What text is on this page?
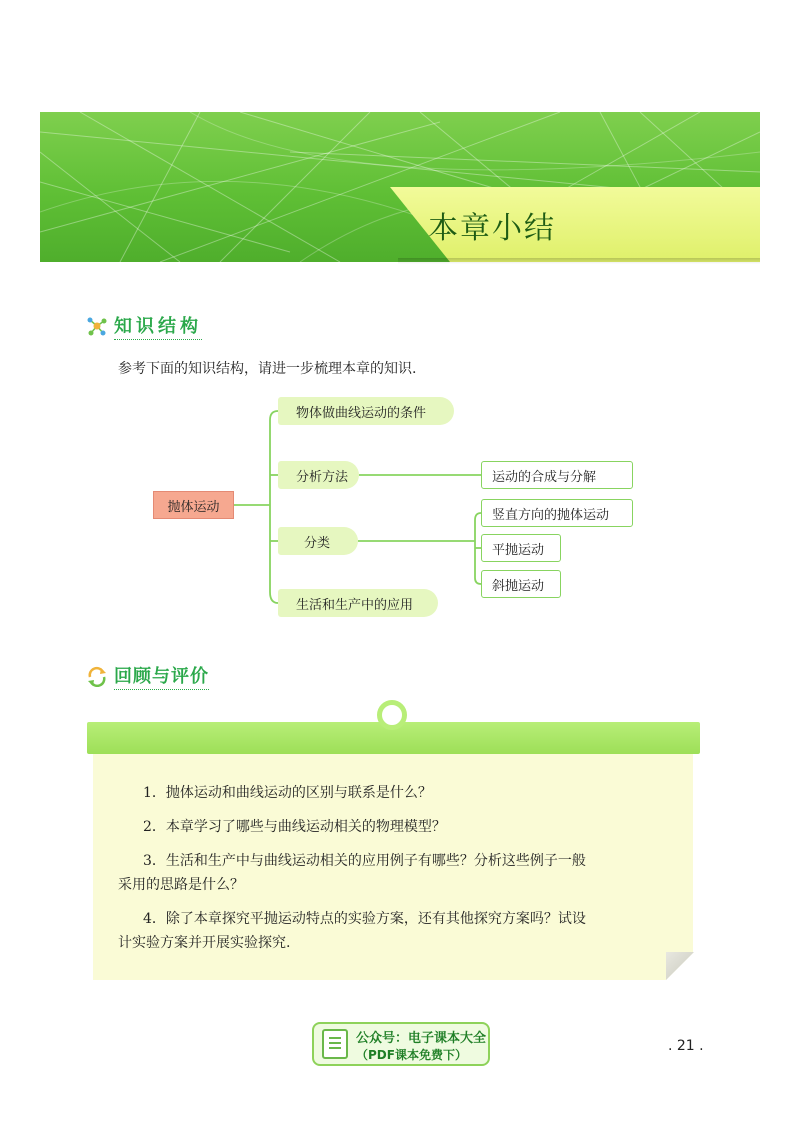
本章小结
知识结构
参考下面的知识结构，请进一步梳理本章的知识.
抛体运动
物体做曲线运动的条件
分析方法
分类
生活和生产中的应用
运动的合成与分解
竖直方向的抛体运动
平抛运动
斜抛运动
回顾与评价
1．抛体运动和曲线运动的区别与联系是什么？
2．本章学习了哪些与曲线运动相关的物理模型？
3．生活和生产中与曲线运动相关的应用例子有哪些？分析这些例子一般
采用的思路是什么？
4．除了本章探究平抛运动特点的实验方案，还有其他探究方案吗？试设
计实验方案并开展实验探究.
公众号：电子课本大全
（PDF课本免费下）
. 21 .
